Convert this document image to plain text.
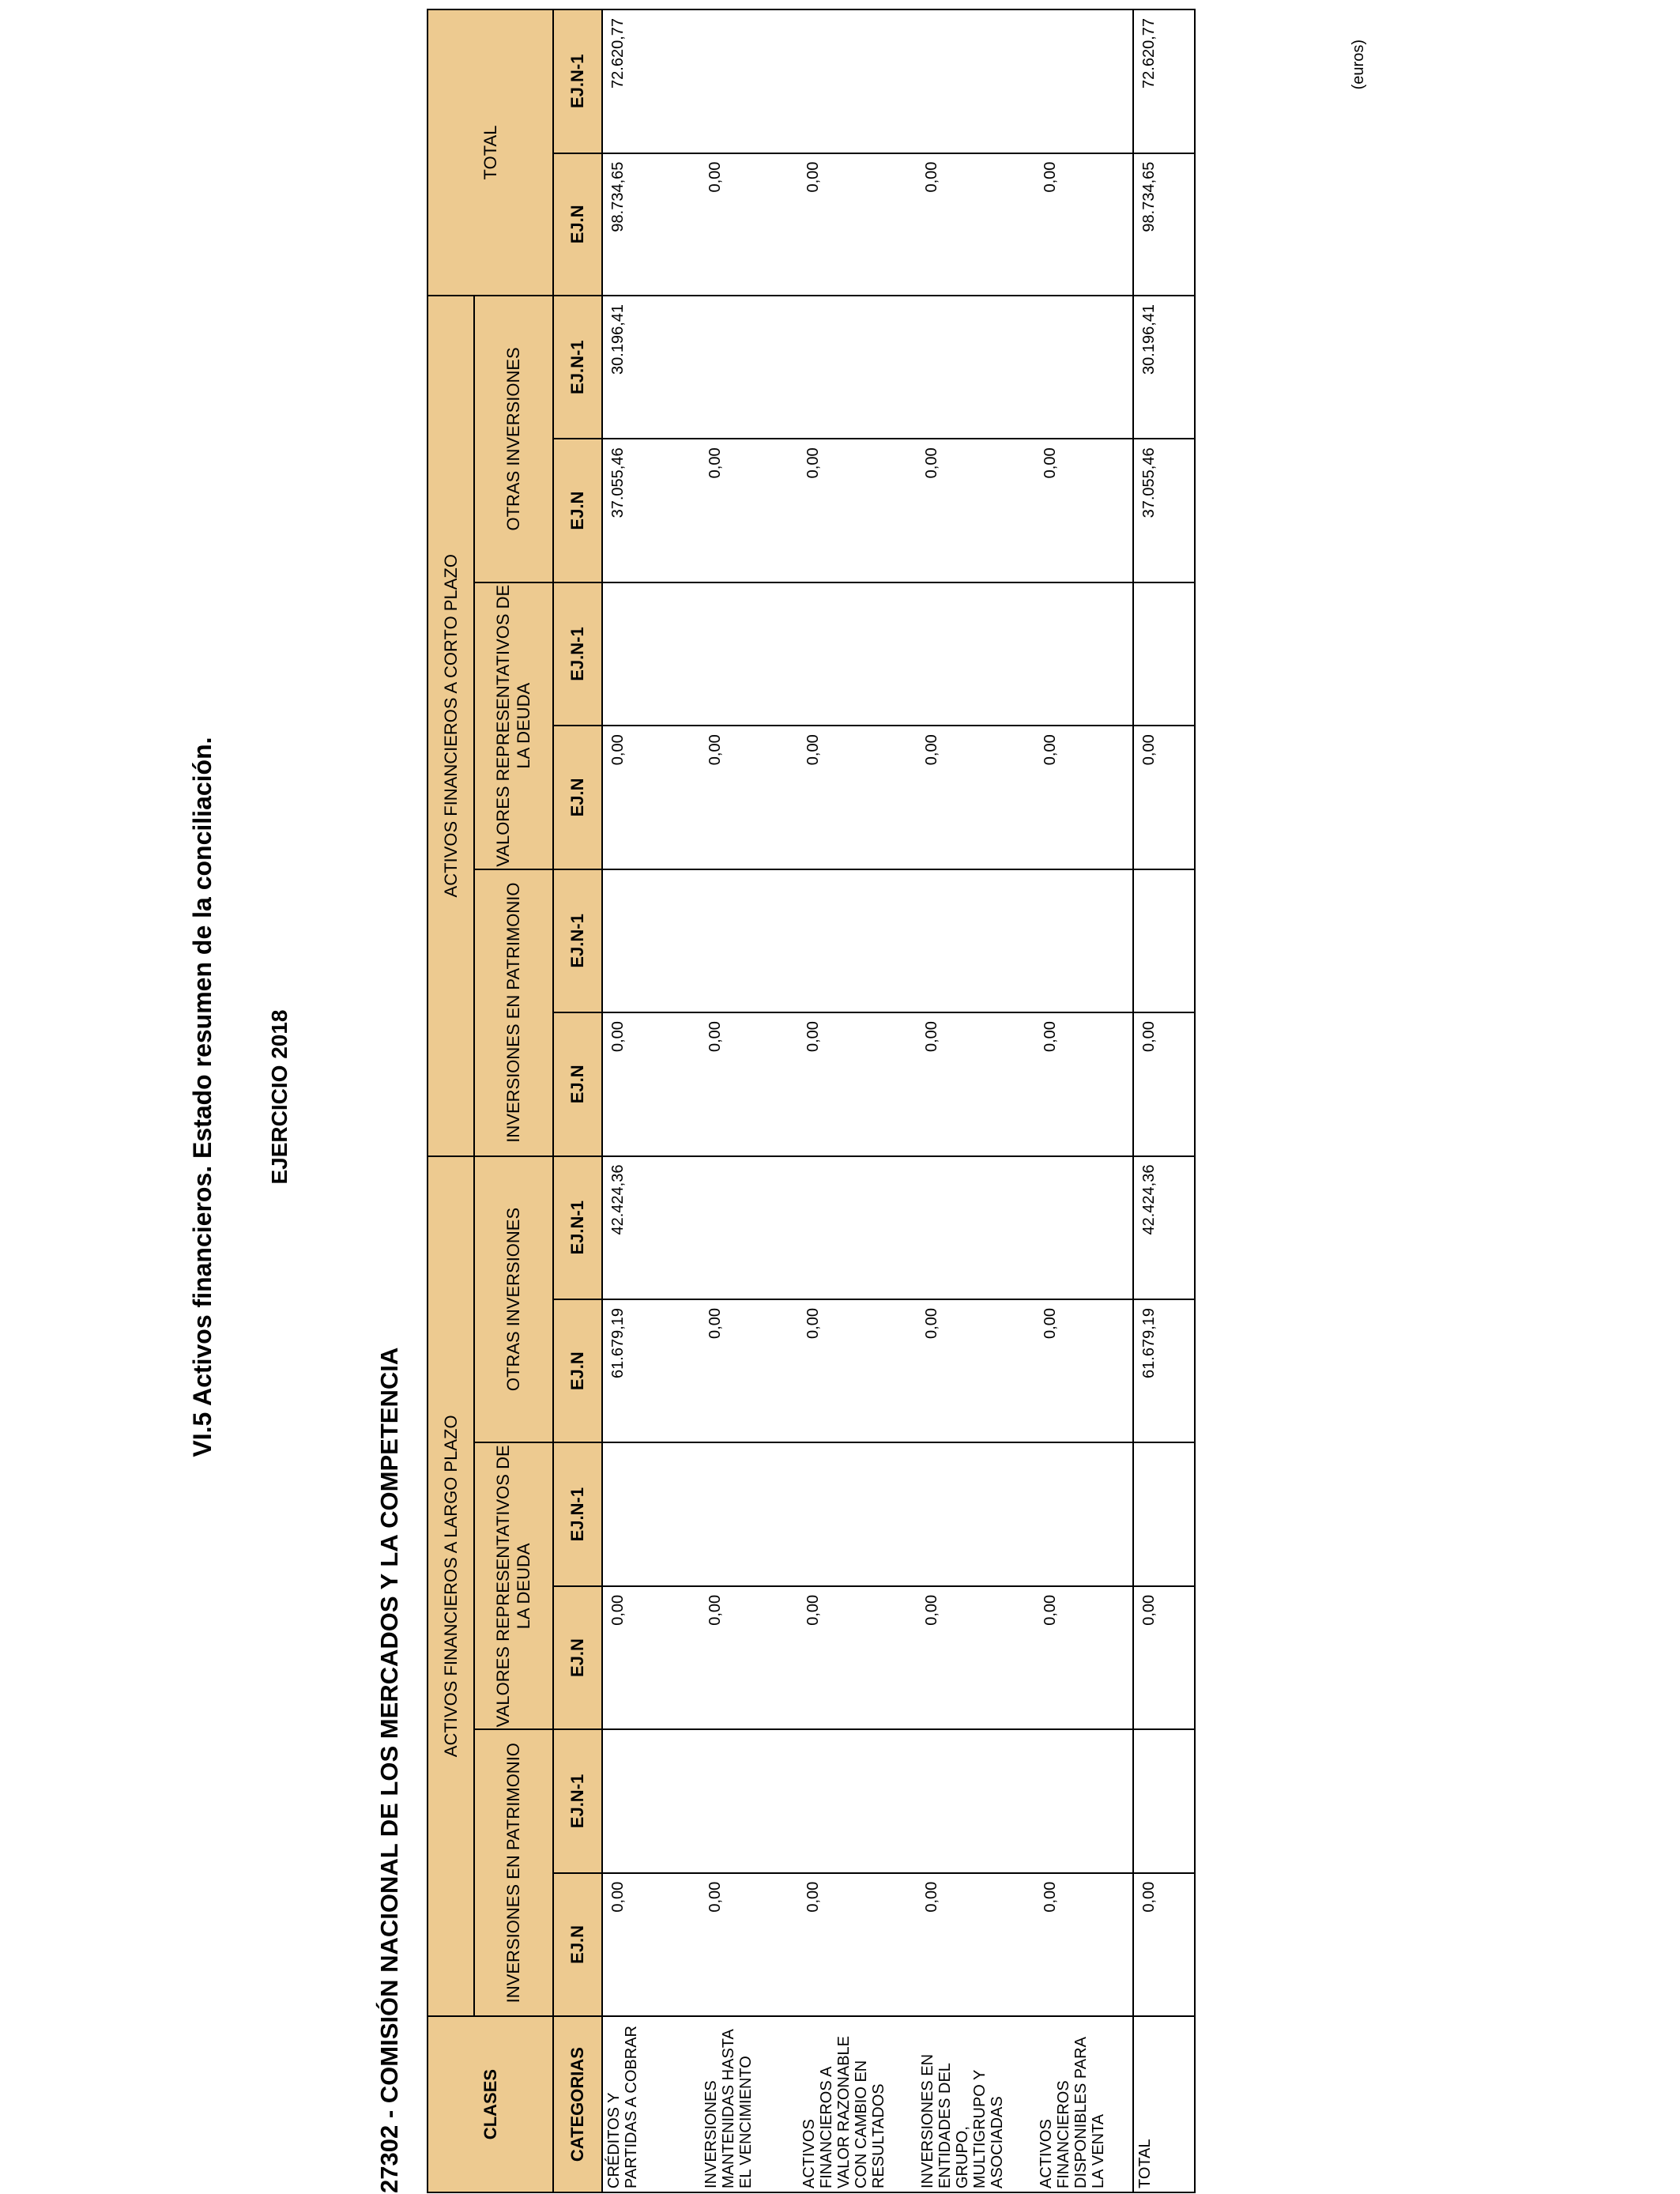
VI.5 Activos financieros. Estado resumen de la conciliación. EJERCICIO 2018
27302 - COMISIÓN NACIONAL DE LOS MERCADOS Y LA COMPETENCIA
(euros)
CLASES	ACTIVOS FINANCIEROS A LARGO PLAZO						ACTIVOS FINANCIEROS A CORTO PLAZO						TOTAL	
	INVERSIONES EN PATRIMONIO		VALORES REPRESENTATIVOS DE LA DEUDA		OTRAS INVERSIONES		INVERSIONES EN PATRIMONIO		VALORES REPRESENTATIVOS DE LA DEUDA		OTRAS INVERSIONES			
CATEGORIAS	EJ.N	EJ.N-1	EJ.N	EJ.N-1	EJ.N	EJ.N-1	EJ.N	EJ.N-1	EJ.N	EJ.N-1	EJ.N	EJ.N-1	EJ.N	EJ.N-1
CRÉDITOS Y PARTIDAS A COBRAR	0,00		0,00		61.679,19	42.424,36	0,00		0,00		37.055,46	30.196,41	98.734,65	72.620,77
INVERSIONES MANTENIDAS HASTA EL VENCIMIENTO	0,00		0,00		0,00		0,00		0,00		0,00		0,00	
ACTIVOS FINANCIEROS A VALOR RAZONABLE CON CAMBIO EN RESULTADOS	0,00		0,00		0,00		0,00		0,00		0,00		0,00	
INVERSIONES EN ENTIDADES DEL GRUPO, MULTIGRUPO Y ASOCIADAS	0,00		0,00		0,00		0,00		0,00		0,00		0,00	
ACTIVOS FINANCIEROS DISPONIBLES PARA LA VENTA	0,00		0,00		0,00		0,00		0,00		0,00		0,00	
TOTAL	0,00		0,00		61.679,19	42.424,36	0,00		0,00		37.055,46	30.196,41	98.734,65	72.620,77
